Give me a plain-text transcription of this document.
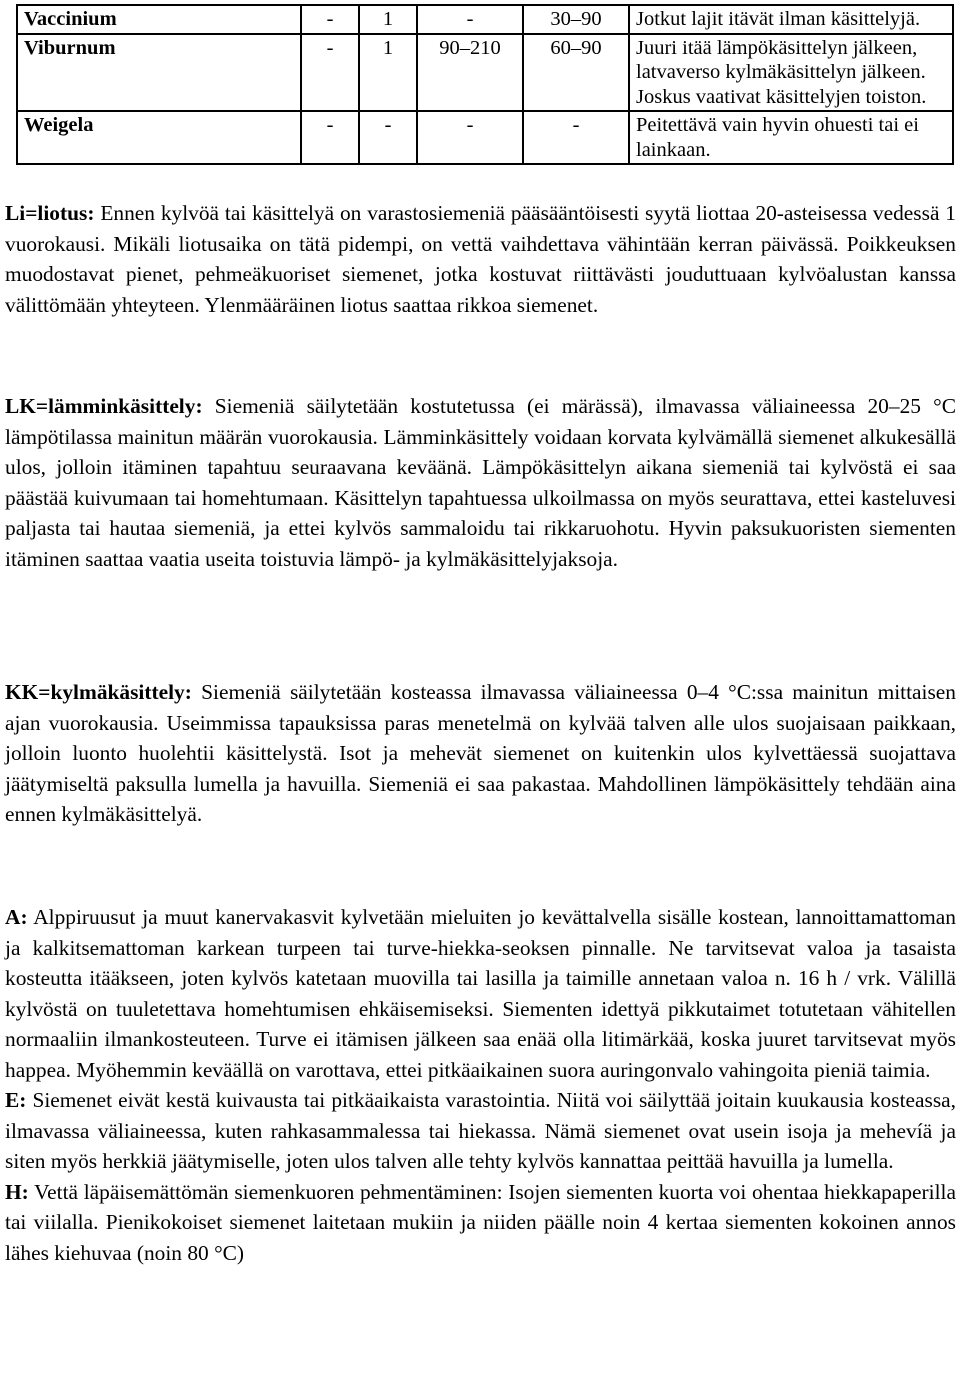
Vaccinium	-	1	-	30–90	Jotkut lajit itävät ilman käsittelyjä.
Viburnum	-	1	90–210	60–90	Juuri itää lämpökäsittelyn jälkeen, latvaverso kylmäkäsittelyn jälkeen. Joskus vaativat käsittelyjen toiston.
Weigela	-	-	-	-	Peitettävä vain hyvin ohuesti tai ei lainkaan.

Li=liotus: Ennen kylvöä tai käsittelyä on varastosiemeniä pääsääntöisesti syytä liottaa 20-asteisessa vedessä 1 vuorokausi. Mikäli liotusaika on tätä pidempi, on vettä vaihdettava vähintään kerran päivässä. Poikkeuksen muodostavat pienet, pehmeäkuoriset siemenet, jotka kostuvat riittävästi jouduttuaan kylvöalustan kanssa välittömään yhteyteen. Ylenmääräinen liotus saattaa rikkoa siemenet.

LK=lämminkäsittely: Siemeniä säilytetään kostutetussa (ei märässä), ilmavassa väliaineessa 20–25 °C lämpötilassa mainitun määrän vuorokausia. Lämminkäsittely voidaan korvata kylvämällä siemenet alkukesällä ulos, jolloin itäminen tapahtuu seuraavana keväänä. Lämpökäsittelyn aikana siemeniä tai kylvöstä ei saa päästää kuivumaan tai homehtumaan. Käsittelyn tapahtuessa ulkoilmassa on myös seurattava, ettei kasteluvesi paljasta tai hautaa siemeniä, ja ettei kylvös sammaloidu tai rikkaruohotu. Hyvin paksukuoristen siementen itäminen saattaa vaatia useita toistuvia lämpö- ja kylmäkäsittelyjaksoja.

KK=kylmäkäsittely: Siemeniä säilytetään kosteassa ilmavassa väliaineessa 0–4 °C:ssa mainitun mittaisen ajan vuorokausia. Useimmissa tapauksissa paras menetelmä on kylvää talven alle ulos suojaisaan paikkaan, jolloin luonto huolehtii käsittelystä. Isot ja mehevät siemenet on kuitenkin ulos kylvettäessä suojattava jäätymiseltä paksulla lumella ja havuilla. Siemeniä ei saa pakastaa. Mahdollinen lämpökäsittely tehdään aina ennen kylmäkäsittelyä.

A: Alppiruusut ja muut kanervakasvit kylvetään mieluiten jo kevättalvella sisälle kostean, lannoittamattoman ja kalkitsemattoman karkean turpeen tai turve-hiekka-seoksen pinnalle. Ne tarvitsevat valoa ja tasaista kosteutta itääkseen, joten kylvös katetaan muovilla tai lasilla ja taimille annetaan valoa n. 16 h / vrk. Välillä kylvöstä on tuuletettava homehtumisen ehkäisemiseksi. Siementen idettyä pikkutaimet totutetaan vähitellen normaaliin ilmankosteuteen. Turve ei itämisen jälkeen saa enää olla litimärkää, koska juuret tarvitsevat myös happea. Myöhemmin keväällä on varottava, ettei pitkäaikainen suora auringonvalo vahingoita pieniä taimia.

E: Siemenet eivät kestä kuivausta tai pitkäaikaista varastointia. Niitä voi säilyttää joitain kuukausia kosteassa, ilmavassa väliaineessa, kuten rahkasammalessa tai hiekassa. Nämä siemenet ovat usein isoja ja mehevíä ja siten myös herkkiä jäätymiselle, joten ulos talven alle tehty kylvös kannattaa peittää havuilla ja lumella.

H: Vettä läpäisemättömän siemenkuoren pehmentäminen: Isojen siementen kuorta voi ohentaa hiekkapaperilla tai viilalla. Pienikokoiset siemenet laitetaan mukiin ja niiden päälle noin 4 kertaa siementen kokoinen annos lähes kiehuvaa (noin 80 °C)
